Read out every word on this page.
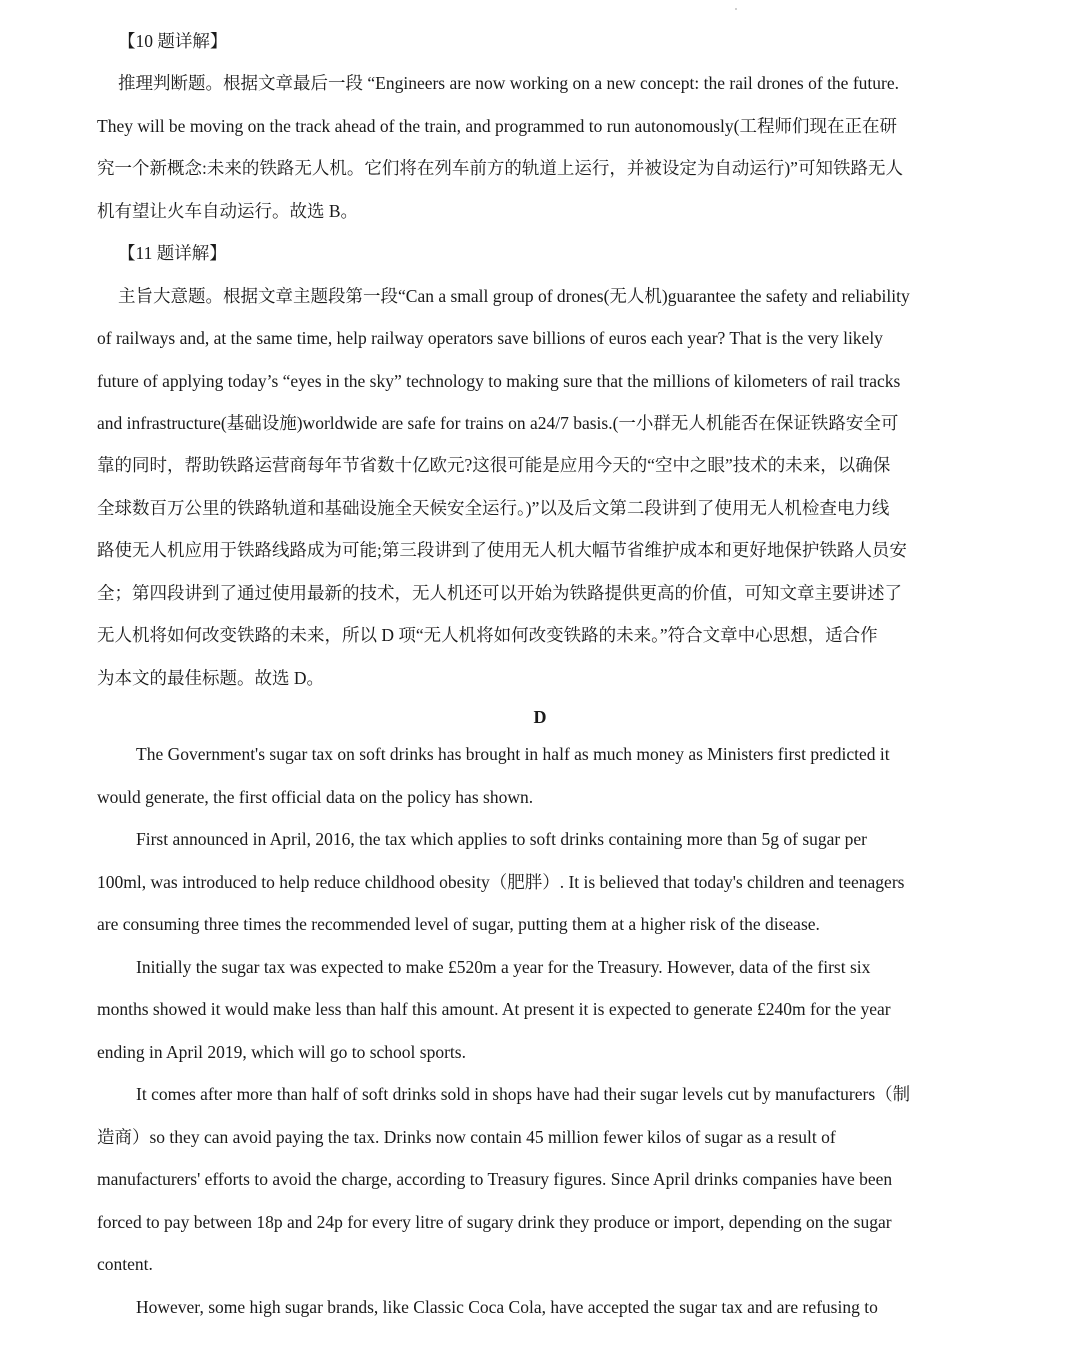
【10 题详解】
推理判断题。根据文章最后一段 “Engineers are now working on a new concept: the rail drones of the future.
They will be moving on the track ahead of the train, and programmed to run autonomously(工程师们现在正在研
究一个新概念:未来的铁路无人机。它们将在列车前方的轨道上运行，并被设定为自动运行)”可知铁路无人
机有望让火车自动运行。故选 B。
【11 题详解】
主旨大意题。根据文章主题段第一段“Can a small group of drones(无人机)guarantee the safety and reliability
of railways and, at the same time, help railway operators save billions of euros each year? That is the very likely
future of applying today’s “eyes in the sky” technology to making sure that the millions of kilometers of rail tracks
and infrastructure(基础设施)worldwide are safe for trains on a24/7 basis.(一小群无人机能否在保证铁路安全可
靠的同时，帮助铁路运营商每年节省数十亿欧元?这很可能是应用今天的“空中之眼”技术的未来，以确保
全球数百万公里的铁路轨道和基础设施全天候安全运行。)”以及后文第二段讲到了使用无人机检查电力线
路使无人机应用于铁路线路成为可能;第三段讲到了使用无人机大幅节省维护成本和更好地保护铁路人员安
全；第四段讲到了通过使用最新的技术，无人机还可以开始为铁路提供更高的价值，可知文章主要讲述了
无人机将如何改变铁路的未来，所以 D 项“无人机将如何改变铁路的未来。”符合文章中心思想，适合作
为本文的最佳标题。故选 D。
D
The Government's sugar tax on soft drinks has brought in half as much money as Ministers first predicted it
would generate, the first official data on the policy has shown.
First announced in April, 2016, the tax which applies to soft drinks containing more than 5g of sugar per
100ml, was introduced to help reduce childhood obesity（肥胖）. It is believed that today's children and teenagers
are consuming three times the recommended level of sugar, putting them at a higher risk of the disease.
Initially the sugar tax was expected to make £520m a year for the Treasury. However, data of the first six
months showed it would make less than half this amount. At present it is expected to generate £240m for the year
ending in April 2019, which will go to school sports.
It comes after more than half of soft drinks sold in shops have had their sugar levels cut by manufacturers（制
造商）so they can avoid paying the tax. Drinks now contain 45 million fewer kilos of sugar as a result of
manufacturers' efforts to avoid the charge, according to Treasury figures. Since April drinks companies have been
forced to pay between 18p and 24p for every litre of sugary drink they produce or import, depending on the sugar
content.
However, some high sugar brands, like Classic Coca Cola, have accepted the sugar tax and are refusing to
